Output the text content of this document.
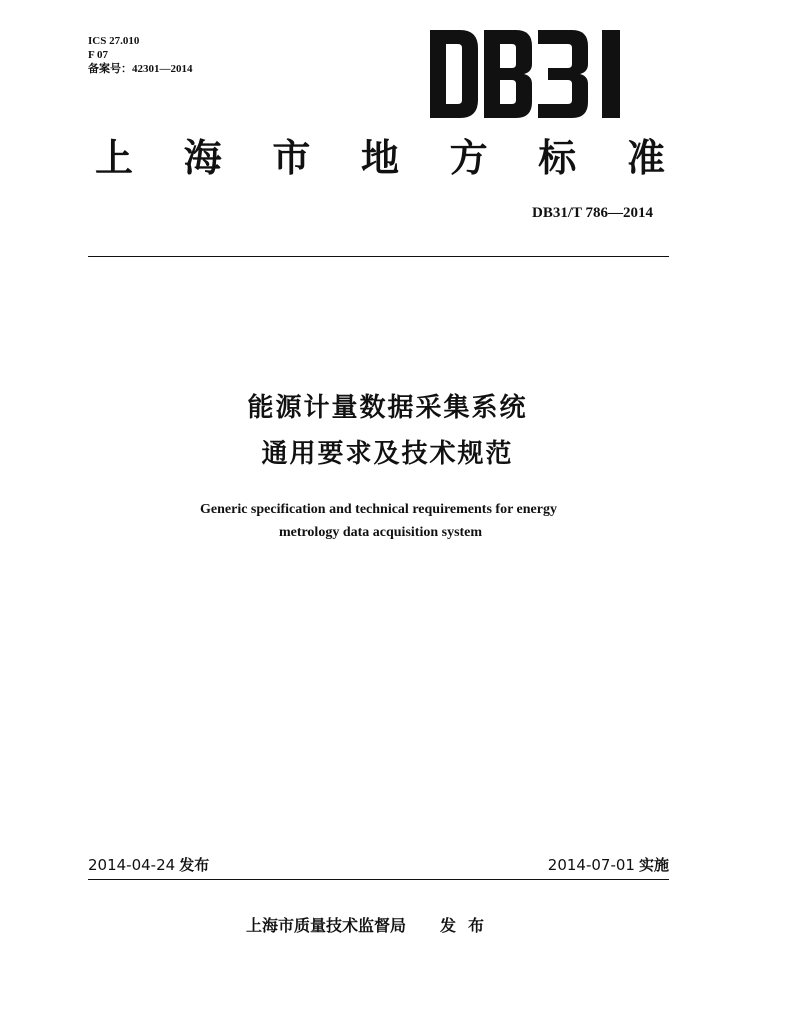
ICS 27.010
F 07
备案号：42301—2014
上 海 市 地 方 标 准
DB31/T 786—2014
能源计量数据采集系统
通用要求及技术规范
Generic specification and technical requirements for energy
metrology data acquisition system
2014-04-24 发布	2014-07-01 实施
上海市质量技术监督局 发布
